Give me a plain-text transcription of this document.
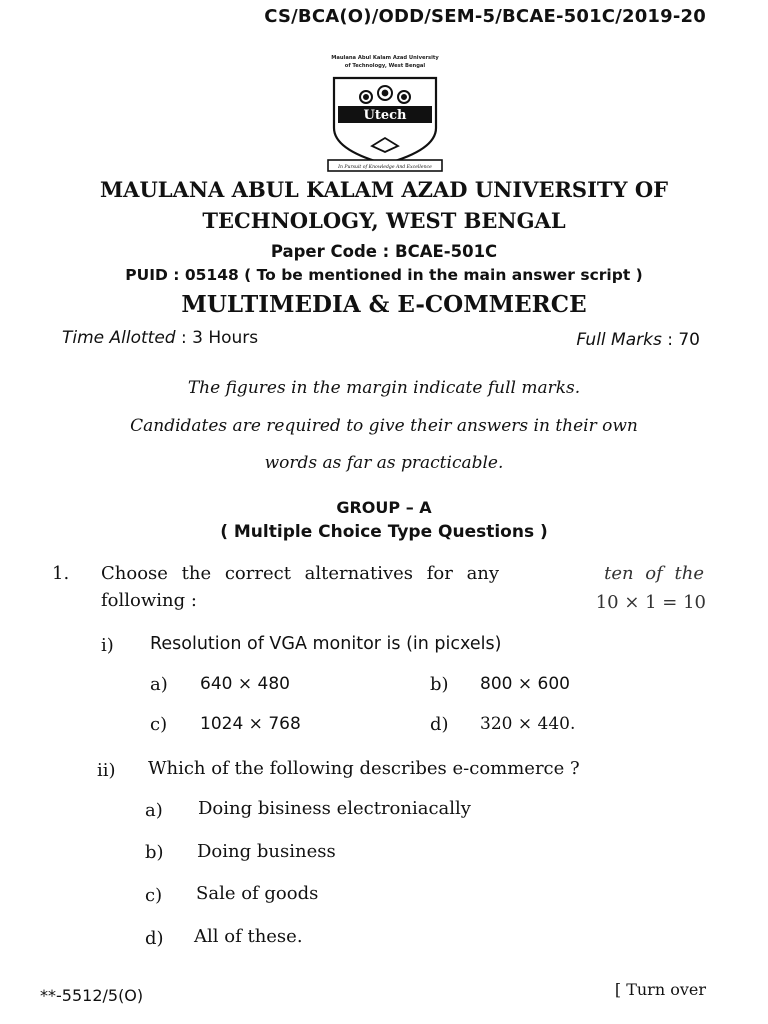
CS/BCA(O)/ODD/SEM-5/BCAE-501C/2019-20
Maulana Abul Kalam Azad University
of Technology, West Bengal
Utech
In Pursuit of Knowledge And Excellence
MAULANA ABUL KALAM AZAD UNIVERSITY OF
TECHNOLOGY, WEST BENGAL
Paper Code : BCAE-501C
PUID : 05148 ( To be mentioned in the main answer script )
MULTIMEDIA & E-COMMERCE
Time Allotted : 3 Hours	Full Marks : 70
The figures in the margin indicate full marks.
Candidates are required to give their answers in their own
words as far as practicable.
GROUP – A
( Multiple Choice Type Questions )
1. Choose the correct alternatives for any	ten of the
following :	10 × 1 = 10
i) Resolution of VGA monitor is (in picxels)
a) 640 × 480	b) 800 × 600
c) 1024 × 768	d) 320 × 440.
ii) Which of the following describes e-commerce ?
a) Doing bisiness electroniacally
b) Doing business
c) Sale of goods
d) All of these.
**-5512/5(O)	[ Turn over
